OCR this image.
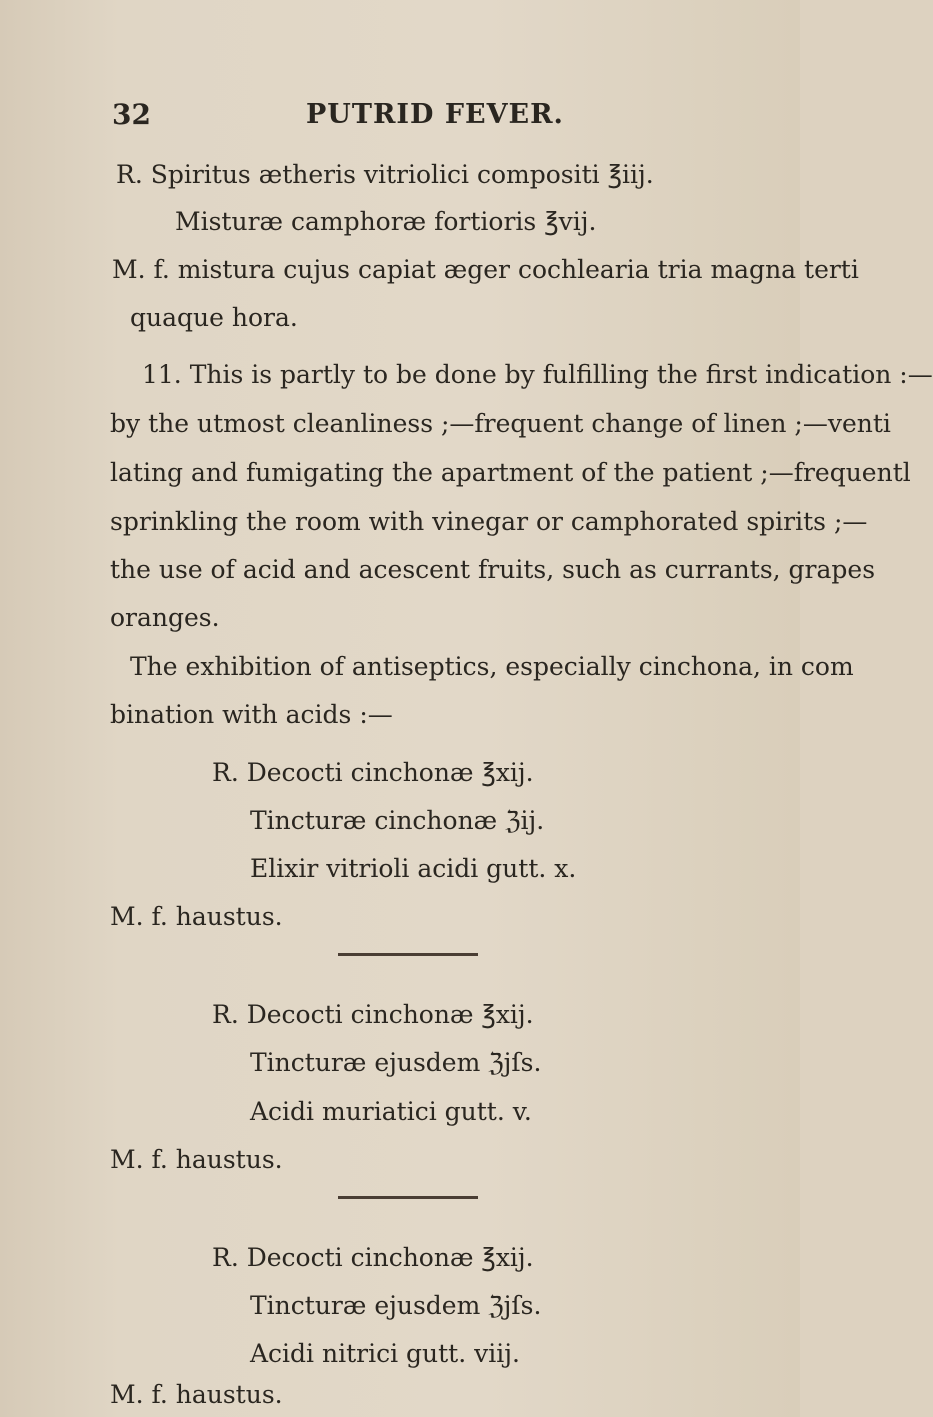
32	PUTRID FEVER.
R. Spiritus ætheris vitriolici compositi ℥iij.
Misturæ camphoræ fortioris ℥vij.
M. f. mistura cujus capiat æger cochlearia tria magna terti
quaque hora.
11. This is partly to be done by fulfilling the first indication :—
by the utmost cleanliness ;—frequent change of linen ;—venti
lating and fumigating the apartment of the patient ;—frequentl
sprinkling the room with vinegar or camphorated spirits ;—
the use of acid and acescent fruits, such as currants, grapes
oranges.
The exhibition of antiseptics, especially cinchona, in com
bination with acids :—
R. Decocti cinchonæ ℥xij.
Tincturæ cinchonæ ℨij.
Elixir vitrioli acidi gutt. x.
M. f. haustus.
R. Decocti cinchonæ ℥xij.
Tincturæ ejusdem ℨjſs.
Acidi muriatici gutt. v.
M. f. haustus.
R. Decocti cinchonæ ℥xij.
Tincturæ ejusdem ℨjſs.
Acidi nitrici gutt. viij.
M. f. haustus.
